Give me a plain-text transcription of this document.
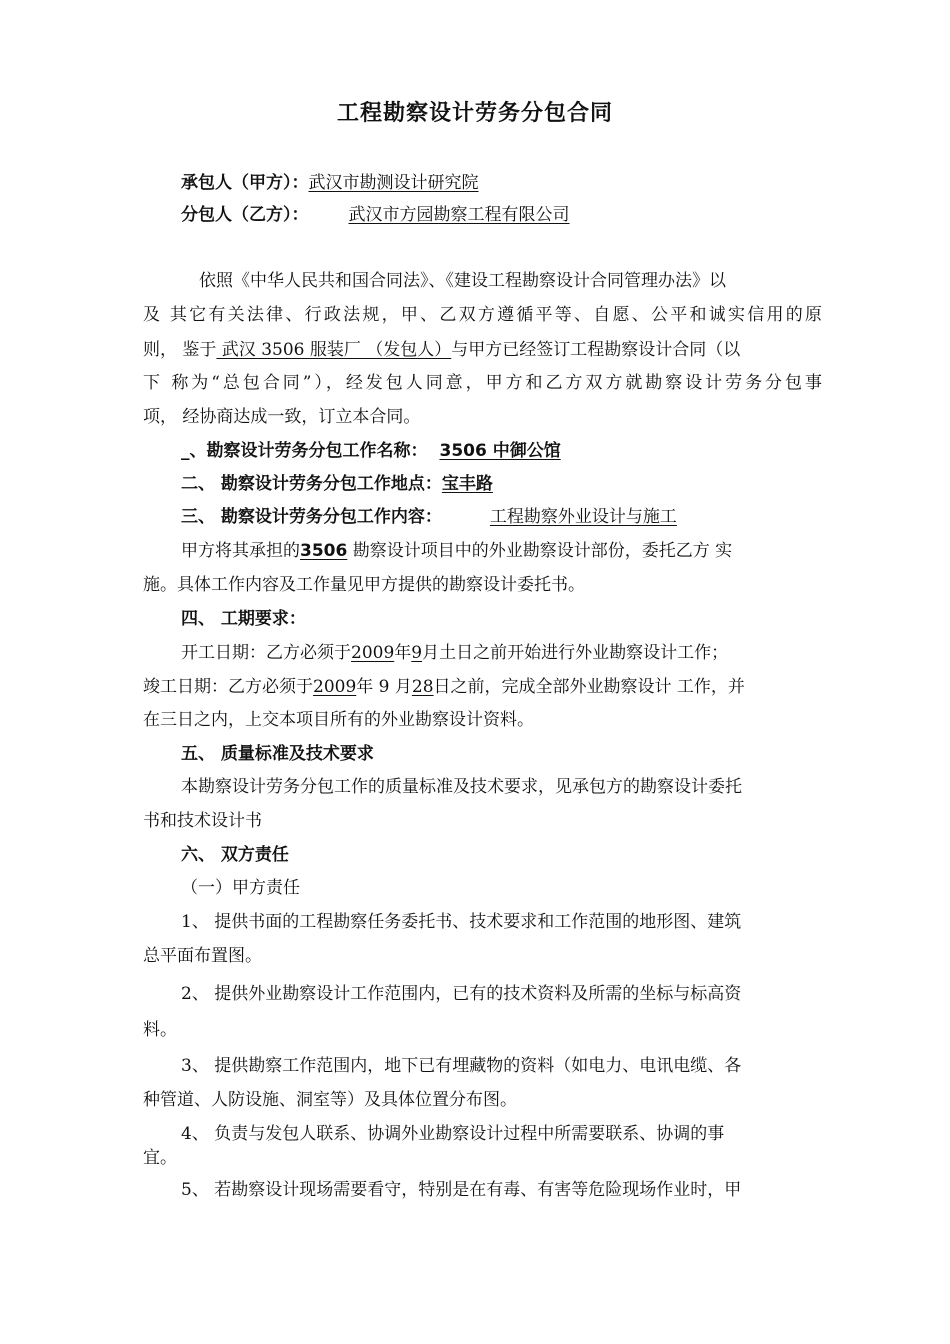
工程勘察设计劳务分包合同
承包人（甲方）：武汉市勘测设计研究院
分包人（乙方）： 武汉市方园勘察工程有限公司
依照《中华人民共和国合同法》、《建设工程勘察设计合同管理办法》以
及 其它有关法律、行政法规，甲、乙双方遵循平等、自愿、公平和诚实信用的原
则， 鉴于 武汉 3506 服装厂 （发包人）与甲方已经签订工程勘察设计合同（以
下 称为“总包合同”），经发包人同意，甲方和乙方双方就勘察设计劳务分包事
项， 经协商达成一致，订立本合同。
_、勘察设计劳务分包工作名称： 3506 中御公馆
二、 勘察设计劳务分包工作地点：宝丰路
三、 勘察设计劳务分包工作内容：	工程勘察外业设计与施工
甲方将其承担的3506 勘察设计项目中的外业勘察设计部份，委托乙方 实
施。具体工作内容及工作量见甲方提供的勘察设计委托书。
四、 工期要求：
开工日期：乙方必须于2009年9月土日之前开始进行外业勘察设计工作；
竣工日期：乙方必须于2009年 9 月28日之前，完成全部外业勘察设计 工作，并
在三日之内，上交本项目所有的外业勘察设计资料。
五、 质量标准及技术要求
本勘察设计劳务分包工作的质量标准及技术要求，见承包方的勘察设计委托
书和技术设计书
六、 双方责任
（一）甲方责任
1、 提供书面的工程勘察任务委托书、技术要求和工作范围的地形图、建筑
总平面布置图。
2、 提供外业勘察设计工作范围内，已有的技术资料及所需的坐标与标高资
料。
3、 提供勘察工作范围内，地下已有埋藏物的资料（如电力、电讯电缆、各
种管道、人防设施、洞室等）及具体位置分布图。
4、 负责与发包人联系、协调外业勘察设计过程中所需要联系、协调的事
宜。
5、 若勘察设计现场需要看守，特别是在有毒、有害等危险现场作业时，甲
